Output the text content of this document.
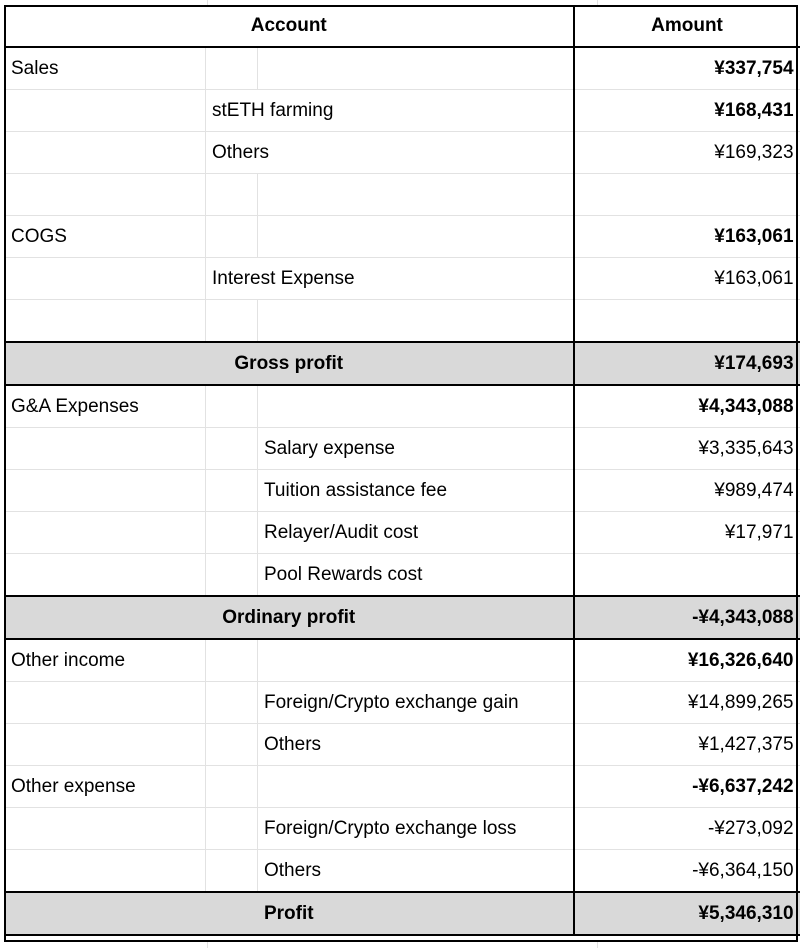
Account			Amount
Sales			¥337,754
	stETH farming		¥168,431
	Others		¥169,323

COGS			¥163,061
	Interest Expense		¥163,061

Gross profit			¥174,693
G&A Expenses			¥4,343,088
		Salary expense	¥3,335,643
		Tuition assistance fee	¥989,474
		Relayer/Audit cost	¥17,971
		Pool Rewards cost	
Ordinary profit			-¥4,343,088
Other income			¥16,326,640
		Foreign/Crypto exchange gain	¥14,899,265
		Others	¥1,427,375
Other expense			-¥6,637,242
		Foreign/Crypto exchange loss	-¥273,092
		Others	-¥6,364,150
Profit			¥5,346,310
